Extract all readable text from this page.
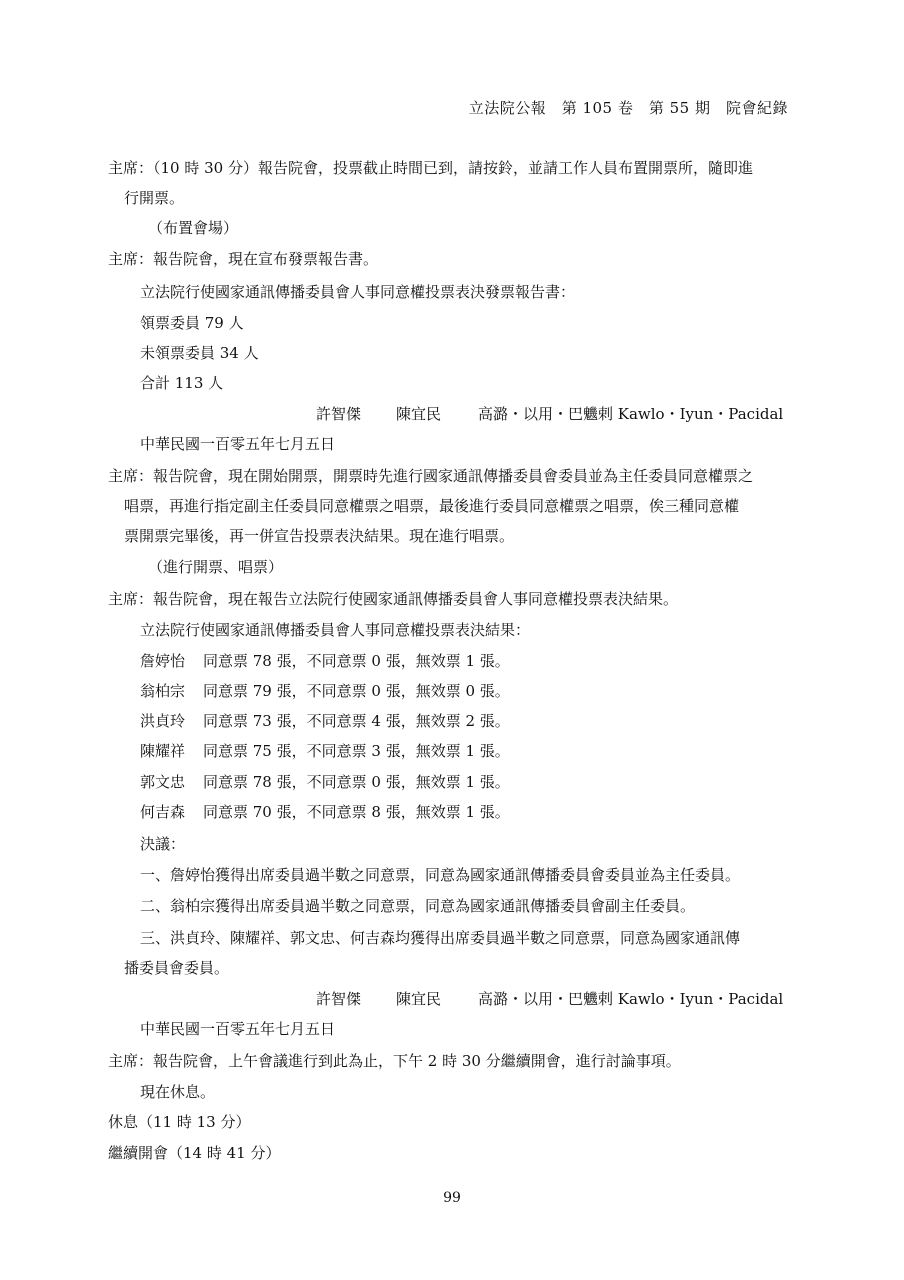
立法院公報　第 105 卷　第 55 期　院會紀錄
主席：（10 時 30 分）報告院會，投票截止時間已到，請按鈴，並請工作人員布置開票所，隨即進
行開票。
（布置會場）
主席：報告院會，現在宣布發票報告書。
立法院行使國家通訊傳播委員會人事同意權投票表決發票報告書：
領票委員 79 人
未領票委員 34 人
合計 113 人
許智傑 陳宜民 高潞・以用・巴魕剌 Kawlo・Iyun・Pacidal
中華民國一百零五年七月五日
主席：報告院會，現在開始開票，開票時先進行國家通訊傳播委員會委員並為主任委員同意權票之
唱票，再進行指定副主任委員同意權票之唱票，最後進行委員同意權票之唱票，俟三種同意權
票開票完畢後，再一併宣告投票表決結果。現在進行唱票。
（進行開票、唱票）
主席：報告院會，現在報告立法院行使國家通訊傳播委員會人事同意權投票表決結果。
立法院行使國家通訊傳播委員會人事同意權投票表決結果：
詹婷怡 同意票 78 張，不同意票 0 張，無效票 1 張。
翁柏宗 同意票 79 張，不同意票 0 張，無效票 0 張。
洪貞玲 同意票 73 張，不同意票 4 張，無效票 2 張。
陳耀祥 同意票 75 張，不同意票 3 張，無效票 1 張。
郭文忠 同意票 78 張，不同意票 0 張，無效票 1 張。
何吉森 同意票 70 張，不同意票 8 張，無效票 1 張。
決議：
一、詹婷怡獲得出席委員過半數之同意票，同意為國家通訊傳播委員會委員並為主任委員。
二、翁柏宗獲得出席委員過半數之同意票，同意為國家通訊傳播委員會副主任委員。
三、洪貞玲、陳耀祥、郭文忠、何吉森均獲得出席委員過半數之同意票，同意為國家通訊傳
播委員會委員。
許智傑 陳宜民 高潞・以用・巴魕剌 Kawlo・Iyun・Pacidal
中華民國一百零五年七月五日
主席：報告院會，上午會議進行到此為止，下午 2 時 30 分繼續開會，進行討論事項。
現在休息。
休息（11 時 13 分）
繼續開會（14 時 41 分）
99
